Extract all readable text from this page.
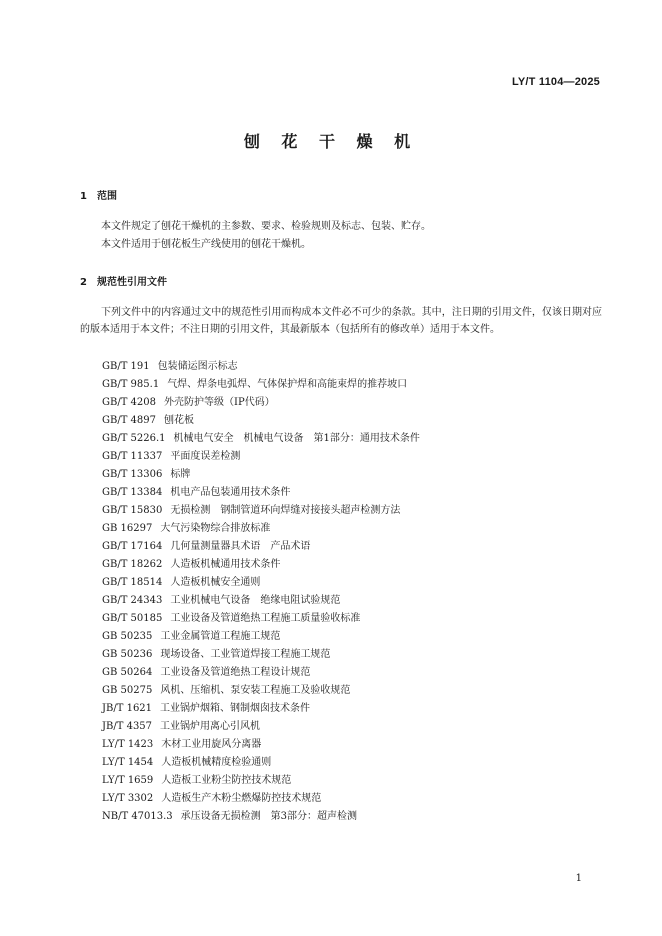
LY/T 1104—2025
刨 花 干 燥 机
1 范围
本文件规定了刨花干燥机的主参数、要求、检验规则及标志、包装、贮存。
本文件适用于刨花板生产线使用的刨花干燥机。
2 规范性引用文件
下列文件中的内容通过文中的规范性引用而构成本文件必不可少的条款。其中，注日期的引用文件，仅该日期对应的版本适用于本文件；不注日期的引用文件，其最新版本（包括所有的修改单）适用于本文件。
GB/T 191 包装储运图示标志
GB/T 985.1 气焊、焊条电弧焊、气体保护焊和高能束焊的推荐坡口
GB/T 4208 外壳防护等级（IP代码）
GB/T 4897 刨花板
GB/T 5226.1 机械电气安全　机械电气设备　第1部分：通用技术条件
GB/T 11337 平面度误差检测
GB/T 13306 标牌
GB/T 13384 机电产品包装通用技术条件
GB/T 15830 无损检测　钢制管道环向焊缝对接接头超声检测方法
GB 16297 大气污染物综合排放标准
GB/T 17164 几何量测量器具术语　产品术语
GB/T 18262 人造板机械通用技术条件
GB/T 18514 人造板机械安全通则
GB/T 24343 工业机械电气设备　绝缘电阻试验规范
GB/T 50185 工业设备及管道绝热工程施工质量验收标准
GB 50235 工业金属管道工程施工规范
GB 50236 现场设备、工业管道焊接工程施工规范
GB 50264 工业设备及管道绝热工程设计规范
GB 50275 风机、压缩机、泵安装工程施工及验收规范
JB/T 1621 工业锅炉烟箱、钢制烟囱技术条件
JB/T 4357 工业锅炉用离心引风机
LY/T 1423 木材工业用旋风分离器
LY/T 1454 人造板机械精度检验通则
LY/T 1659 人造板工业粉尘防控技术规范
LY/T 3302 人造板生产木粉尘燃爆防控技术规范
NB/T 47013.3 承压设备无损检测　第3部分：超声检测
1
